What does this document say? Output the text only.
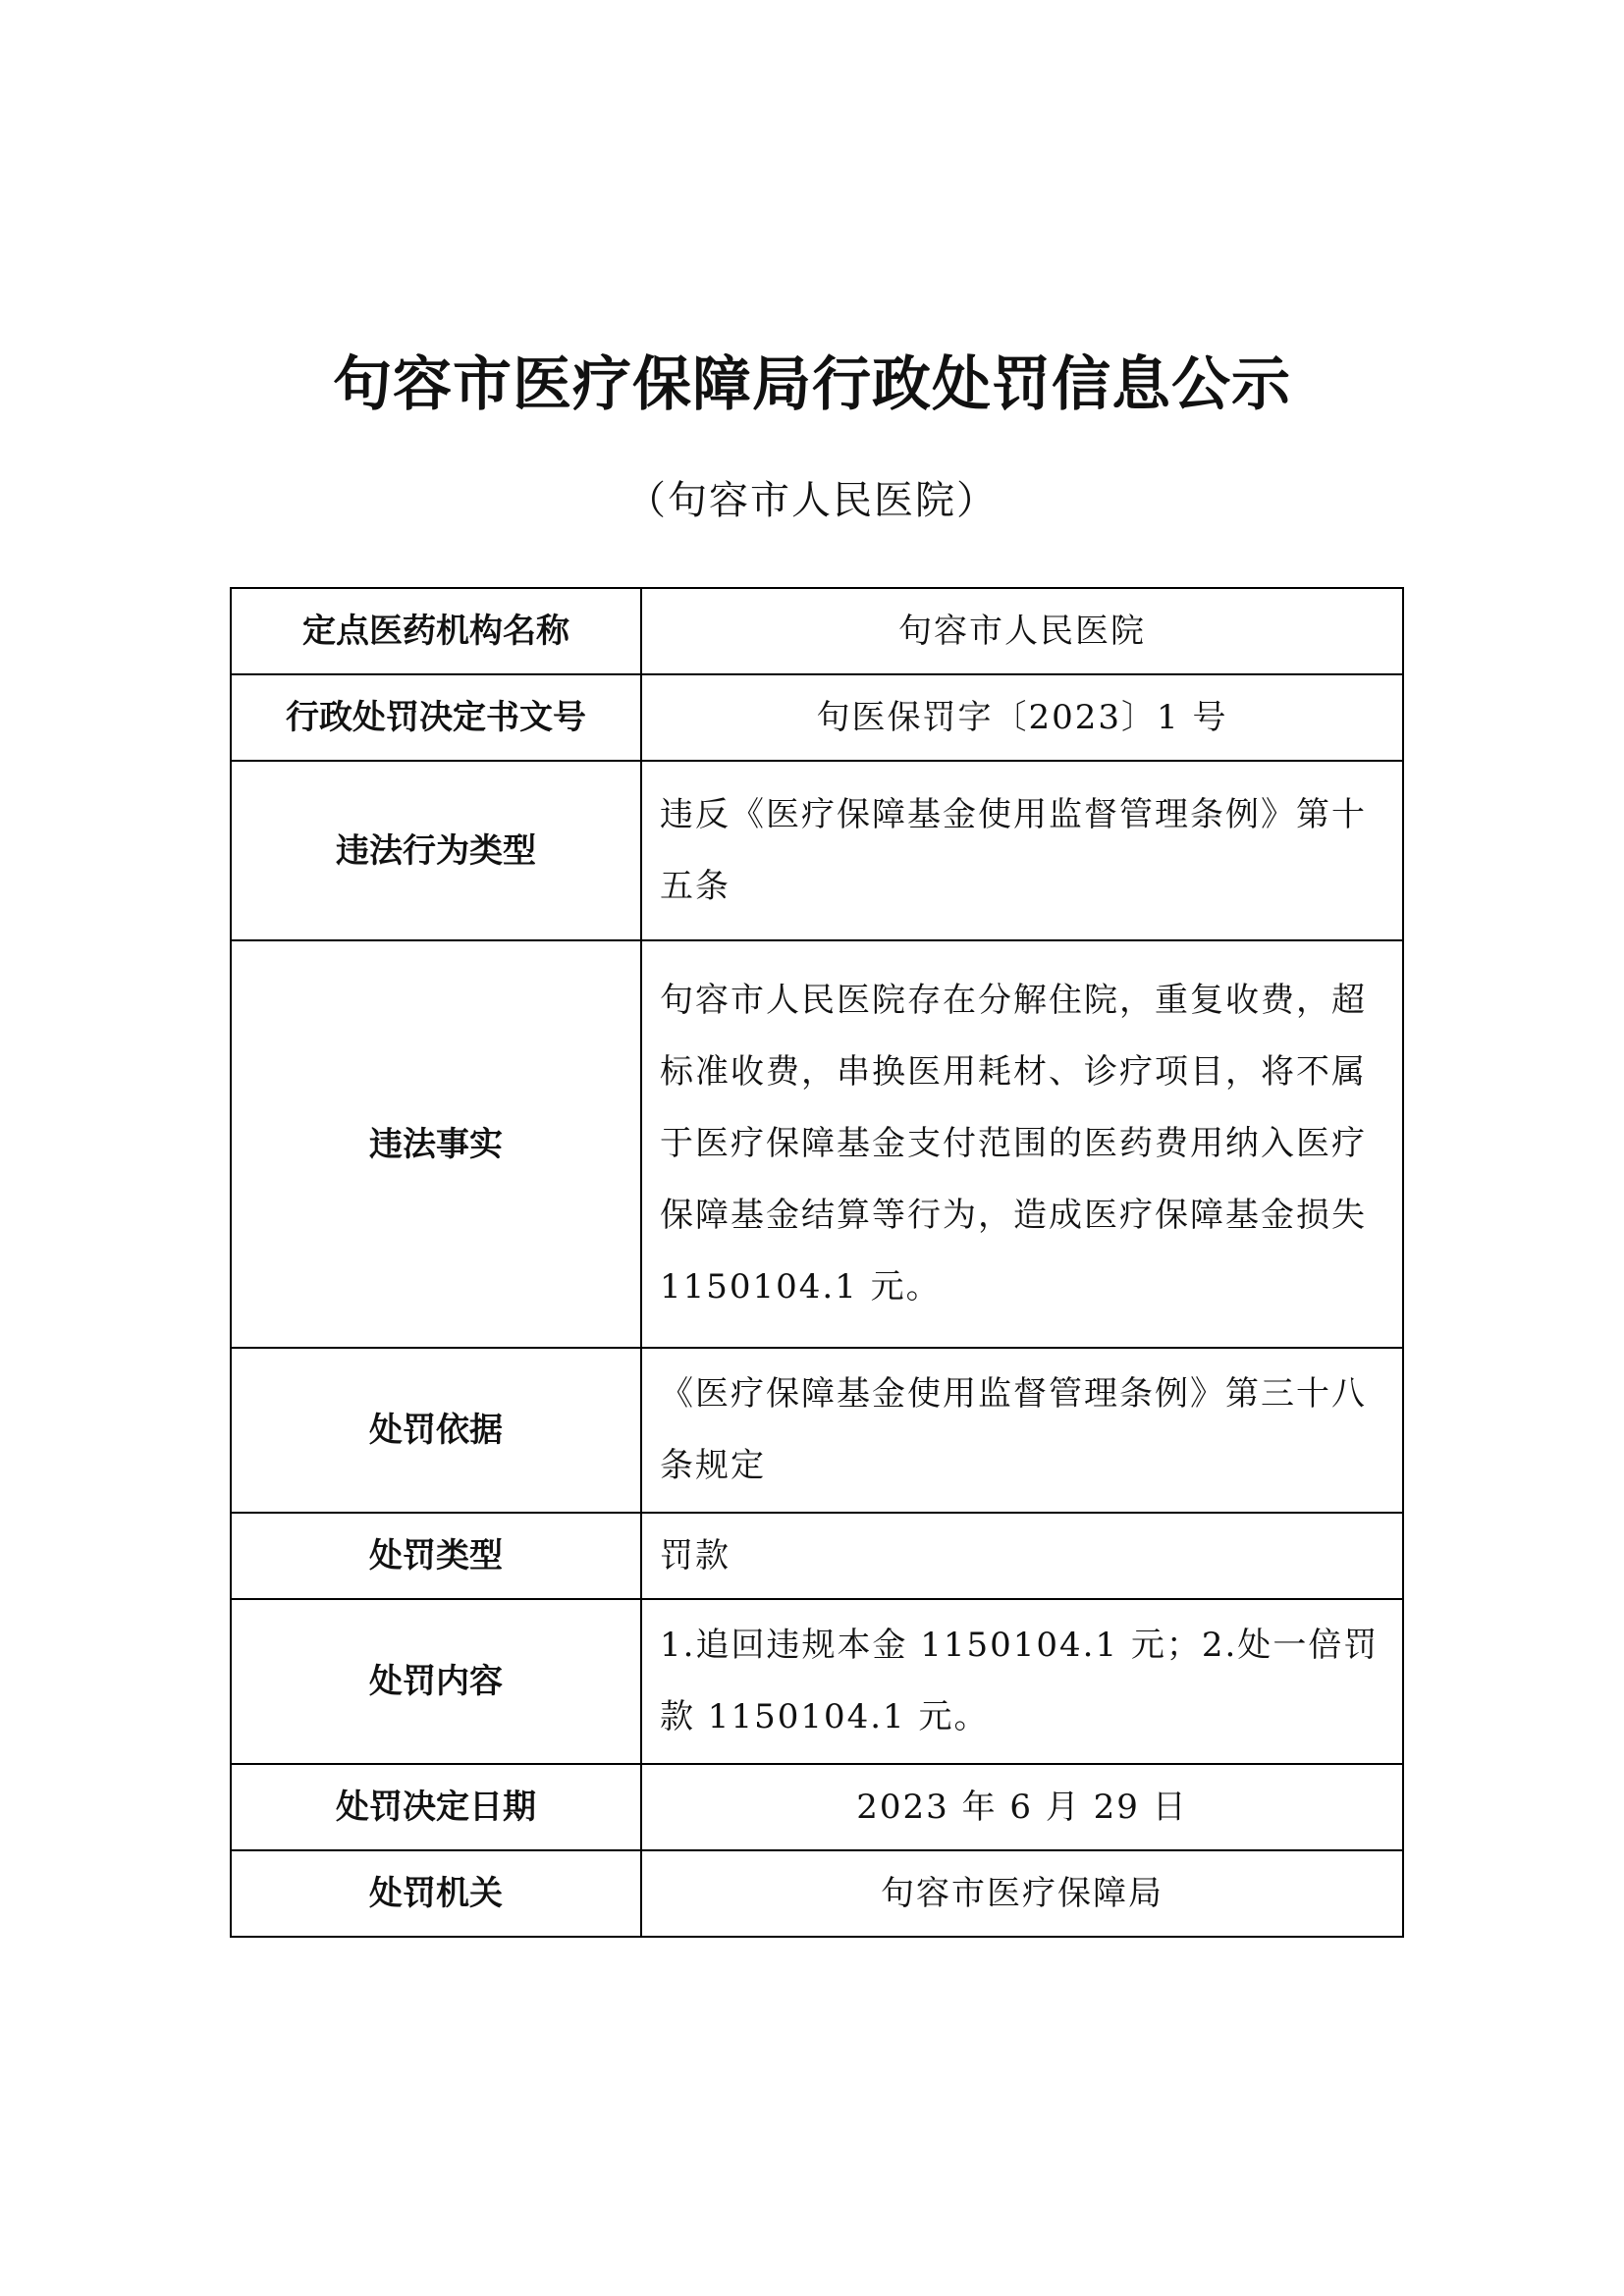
句容市医疗保障局行政处罚信息公示
（句容市人民医院）
定点医药机构名称	句容市人民医院
行政处罚决定书文号	句医保罚字〔2023〕1 号
违法行为类型	违反《医疗保障基金使用监督管理条例》第十五条
违法事实	句容市人民医院存在分解住院，重复收费，超标准收费，串换医用耗材、诊疗项目，将不属于医疗保障基金支付范围的医药费用纳入医疗保障基金结算等行为，造成医疗保障基金损失 1150104.1 元。
处罚依据	《医疗保障基金使用监督管理条例》第三十八条规定
处罚类型	罚款
处罚内容	1.追回违规本金 1150104.1 元；2.处一倍罚款 1150104.1 元。
处罚决定日期	2023 年 6 月 29 日
处罚机关	句容市医疗保障局
